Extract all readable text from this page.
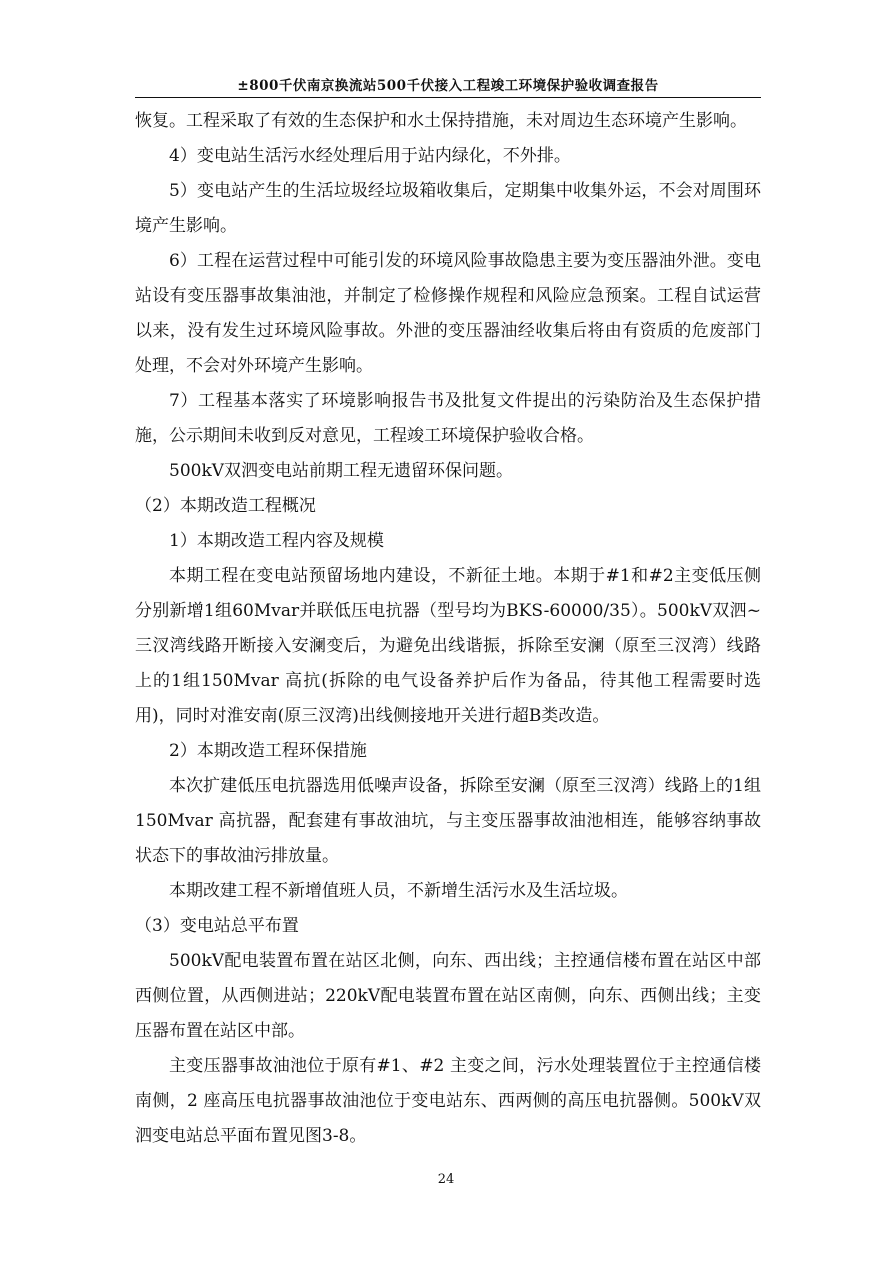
±800千伏南京换流站500千伏接入工程竣工环境保护验收调查报告

恢复。工程采取了有效的生态保护和水土保持措施，未对周边生态环境产生影响。

4）变电站生活污水经处理后用于站内绿化，不外排。

5）变电站产生的生活垃圾经垃圾箱收集后，定期集中收集外运，不会对周围环境产生影响。

6）工程在运营过程中可能引发的环境风险事故隐患主要为变压器油外泄。变电站设有变压器事故集油池，并制定了检修操作规程和风险应急预案。工程自试运营以来，没有发生过环境风险事故。外泄的变压器油经收集后将由有资质的危废部门处理，不会对外环境产生影响。

7）工程基本落实了环境影响报告书及批复文件提出的污染防治及生态保护措施，公示期间未收到反对意见，工程竣工环境保护验收合格。

500kV双泗变电站前期工程无遗留环保问题。

（2）本期改造工程概况

1）本期改造工程内容及规模

本期工程在变电站预留场地内建设，不新征土地。本期于#1和#2主变低压侧分别新增1组60Mvar并联低压电抗器（型号均为BKS-60000/35）。500kV双泗~三汊湾线路开断接入安澜变后，为避免出线谐振，拆除至安澜（原至三汊湾）线路上的1组150Mvar 高抗(拆除的电气设备养护后作为备品，待其他工程需要时选用)，同时对淮安南(原三汊湾)出线侧接地开关进行超B类改造。

2）本期改造工程环保措施

本次扩建低压电抗器选用低噪声设备，拆除至安澜（原至三汊湾）线路上的1组150Mvar 高抗器，配套建有事故油坑，与主变压器事故油池相连，能够容纳事故状态下的事故油污排放量。

本期改建工程不新增值班人员，不新增生活污水及生活垃圾。

（3）变电站总平布置

500kV配电装置布置在站区北侧，向东、西出线；主控通信楼布置在站区中部西侧位置，从西侧进站；220kV配电装置布置在站区南侧，向东、西侧出线；主变压器布置在站区中部。

主变压器事故油池位于原有#1、#2 主变之间，污水处理装置位于主控通信楼南侧，2 座高压电抗器事故油池位于变电站东、西两侧的高压电抗器侧。500kV双泗变电站总平面布置见图3-8。

24
